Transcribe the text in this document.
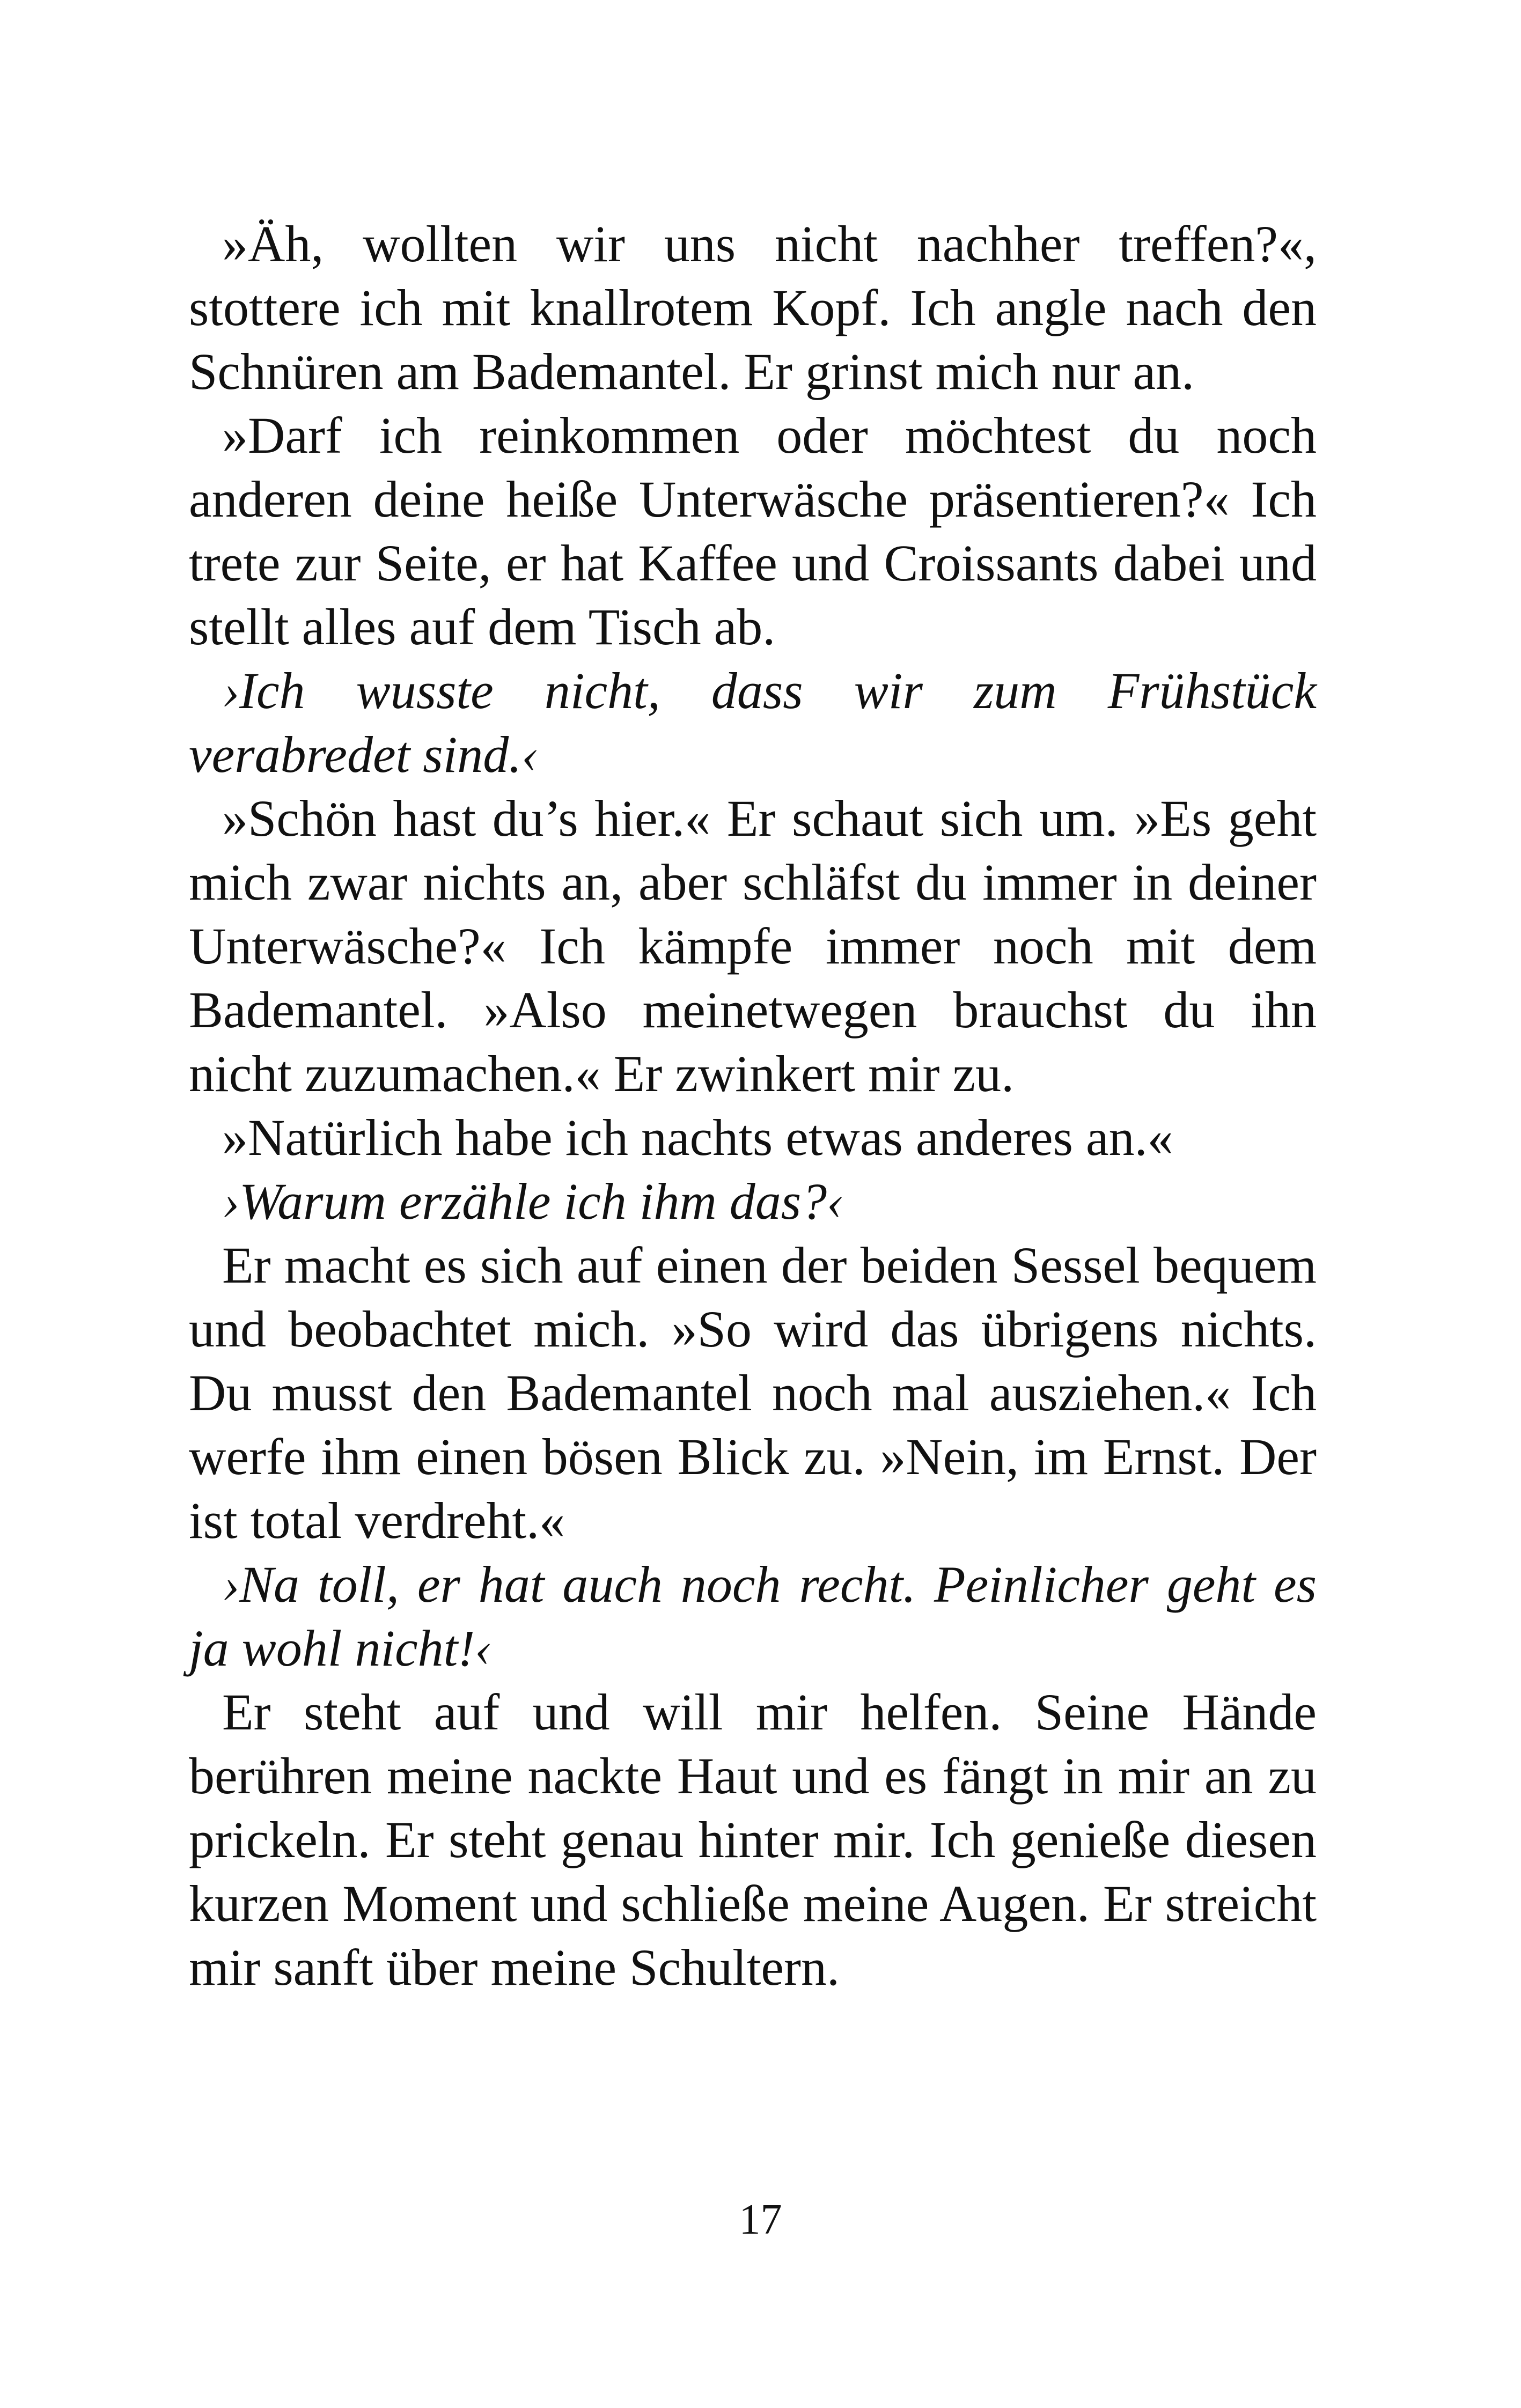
»Äh, wollten wir uns nicht nachher treffen?«, stottere ich mit knallrotem Kopf. Ich angle nach den Schnüren am Bademantel. Er grinst mich nur an.

»Darf ich reinkommen oder möchtest du noch anderen deine heiße Unterwäsche präsentieren?« Ich trete zur Seite, er hat Kaffee und Croissants dabei und stellt alles auf dem Tisch ab.

›Ich wusste nicht, dass wir zum Frühstück verabredet sind.‹

»Schön hast du’s hier.« Er schaut sich um. »Es geht mich zwar nichts an, aber schläfst du immer in deiner Unterwäsche?« Ich kämpfe immer noch mit dem Bademantel. »Also meinetwegen brauchst du ihn nicht zuzumachen.« Er zwinkert mir zu.

»Natürlich habe ich nachts etwas anderes an.«

›Warum erzähle ich ihm das?‹

Er macht es sich auf einen der beiden Sessel bequem und beobachtet mich. »So wird das übrigens nichts. Du musst den Bademantel noch mal ausziehen.« Ich werfe ihm einen bösen Blick zu. »Nein, im Ernst. Der ist total verdreht.«

›Na toll, er hat auch noch recht. Peinlicher geht es ja wohl nicht!‹

Er steht auf und will mir helfen. Seine Hände berühren meine nackte Haut und es fängt in mir an zu prickeln. Er steht genau hinter mir. Ich genieße diesen kurzen Moment und schließe meine Augen. Er streicht mir sanft über meine Schultern.

17
